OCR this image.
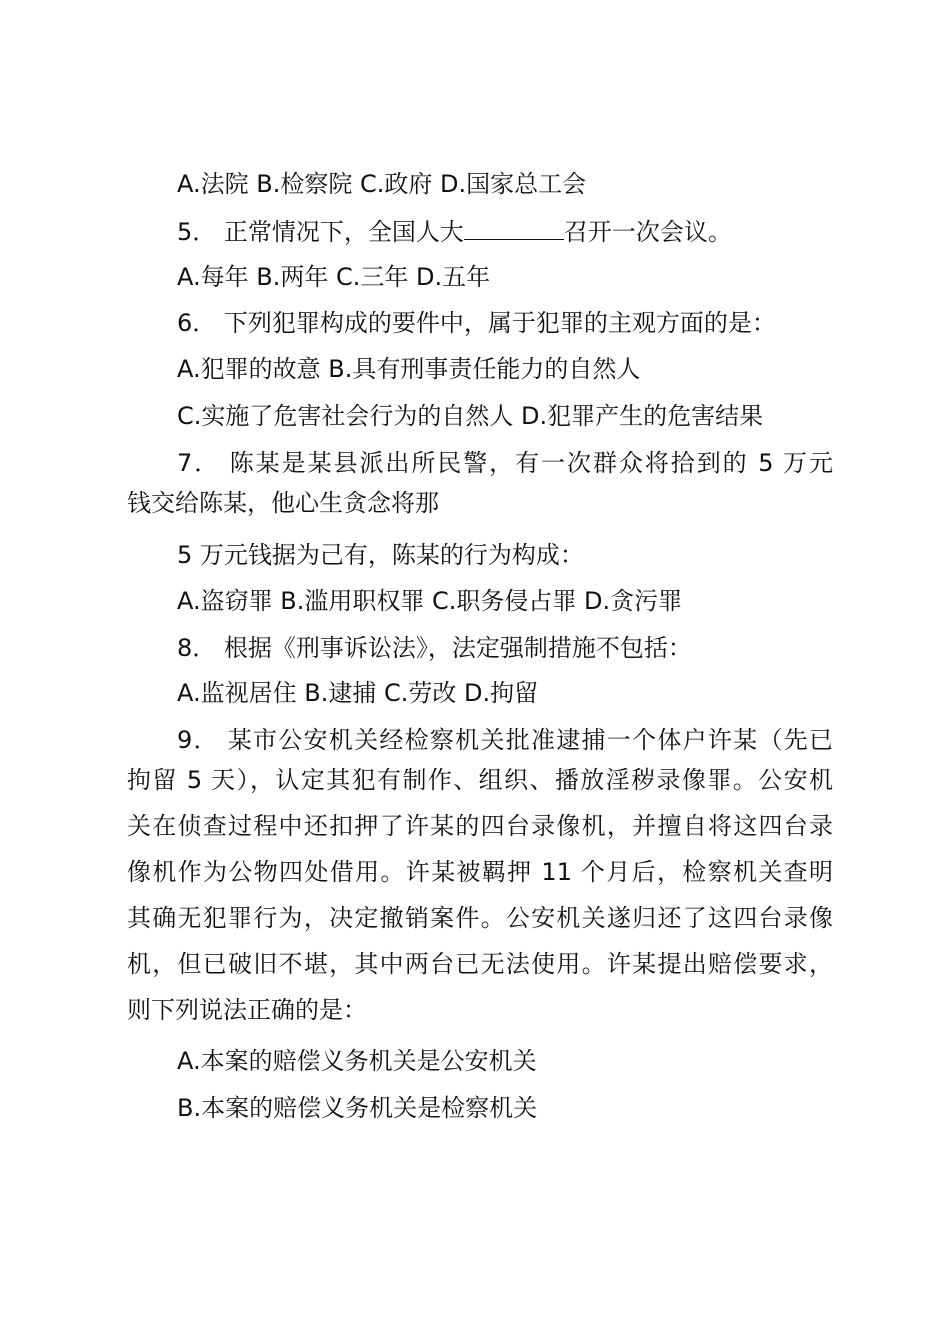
A.法院 B.检察院 C.政府 D.国家总工会
5． 正常情况下，全国人大	召开一次会议。
A.每年 B.两年 C.三年 D.五年
6． 下列犯罪构成的要件中，属于犯罪的主观方面的是：
A.犯罪的故意 B.具有刑事责任能力的自然人
C.实施了危害社会行为的自然人 D.犯罪产生的危害结果
7． 陈某是某县派出所民警，有一次群众将拾到的 5 万元
钱交给陈某，他心生贪念将那
5 万元钱据为己有，陈某的行为构成：
A.盗窃罪 B.滥用职权罪 C.职务侵占罪 D.贪污罪
8． 根据《刑事诉讼法》，法定强制措施不包括：
A.监视居住 B.逮捕 C.劳改 D.拘留
9． 某市公安机关经检察机关批准逮捕一个体户许某（先已
拘留 5 天），认定其犯有制作、组织、播放淫秽录像罪。公安机
关在侦查过程中还扣押了许某的四台录像机，并擅自将这四台录
像机作为公物四处借用。许某被羁押 11 个月后，检察机关查明
其确无犯罪行为，决定撤销案件。公安机关遂归还了这四台录像
机，但已破旧不堪，其中两台已无法使用。许某提出赔偿要求，
则下列说法正确的是：
A.本案的赔偿义务机关是公安机关
B.本案的赔偿义务机关是检察机关
